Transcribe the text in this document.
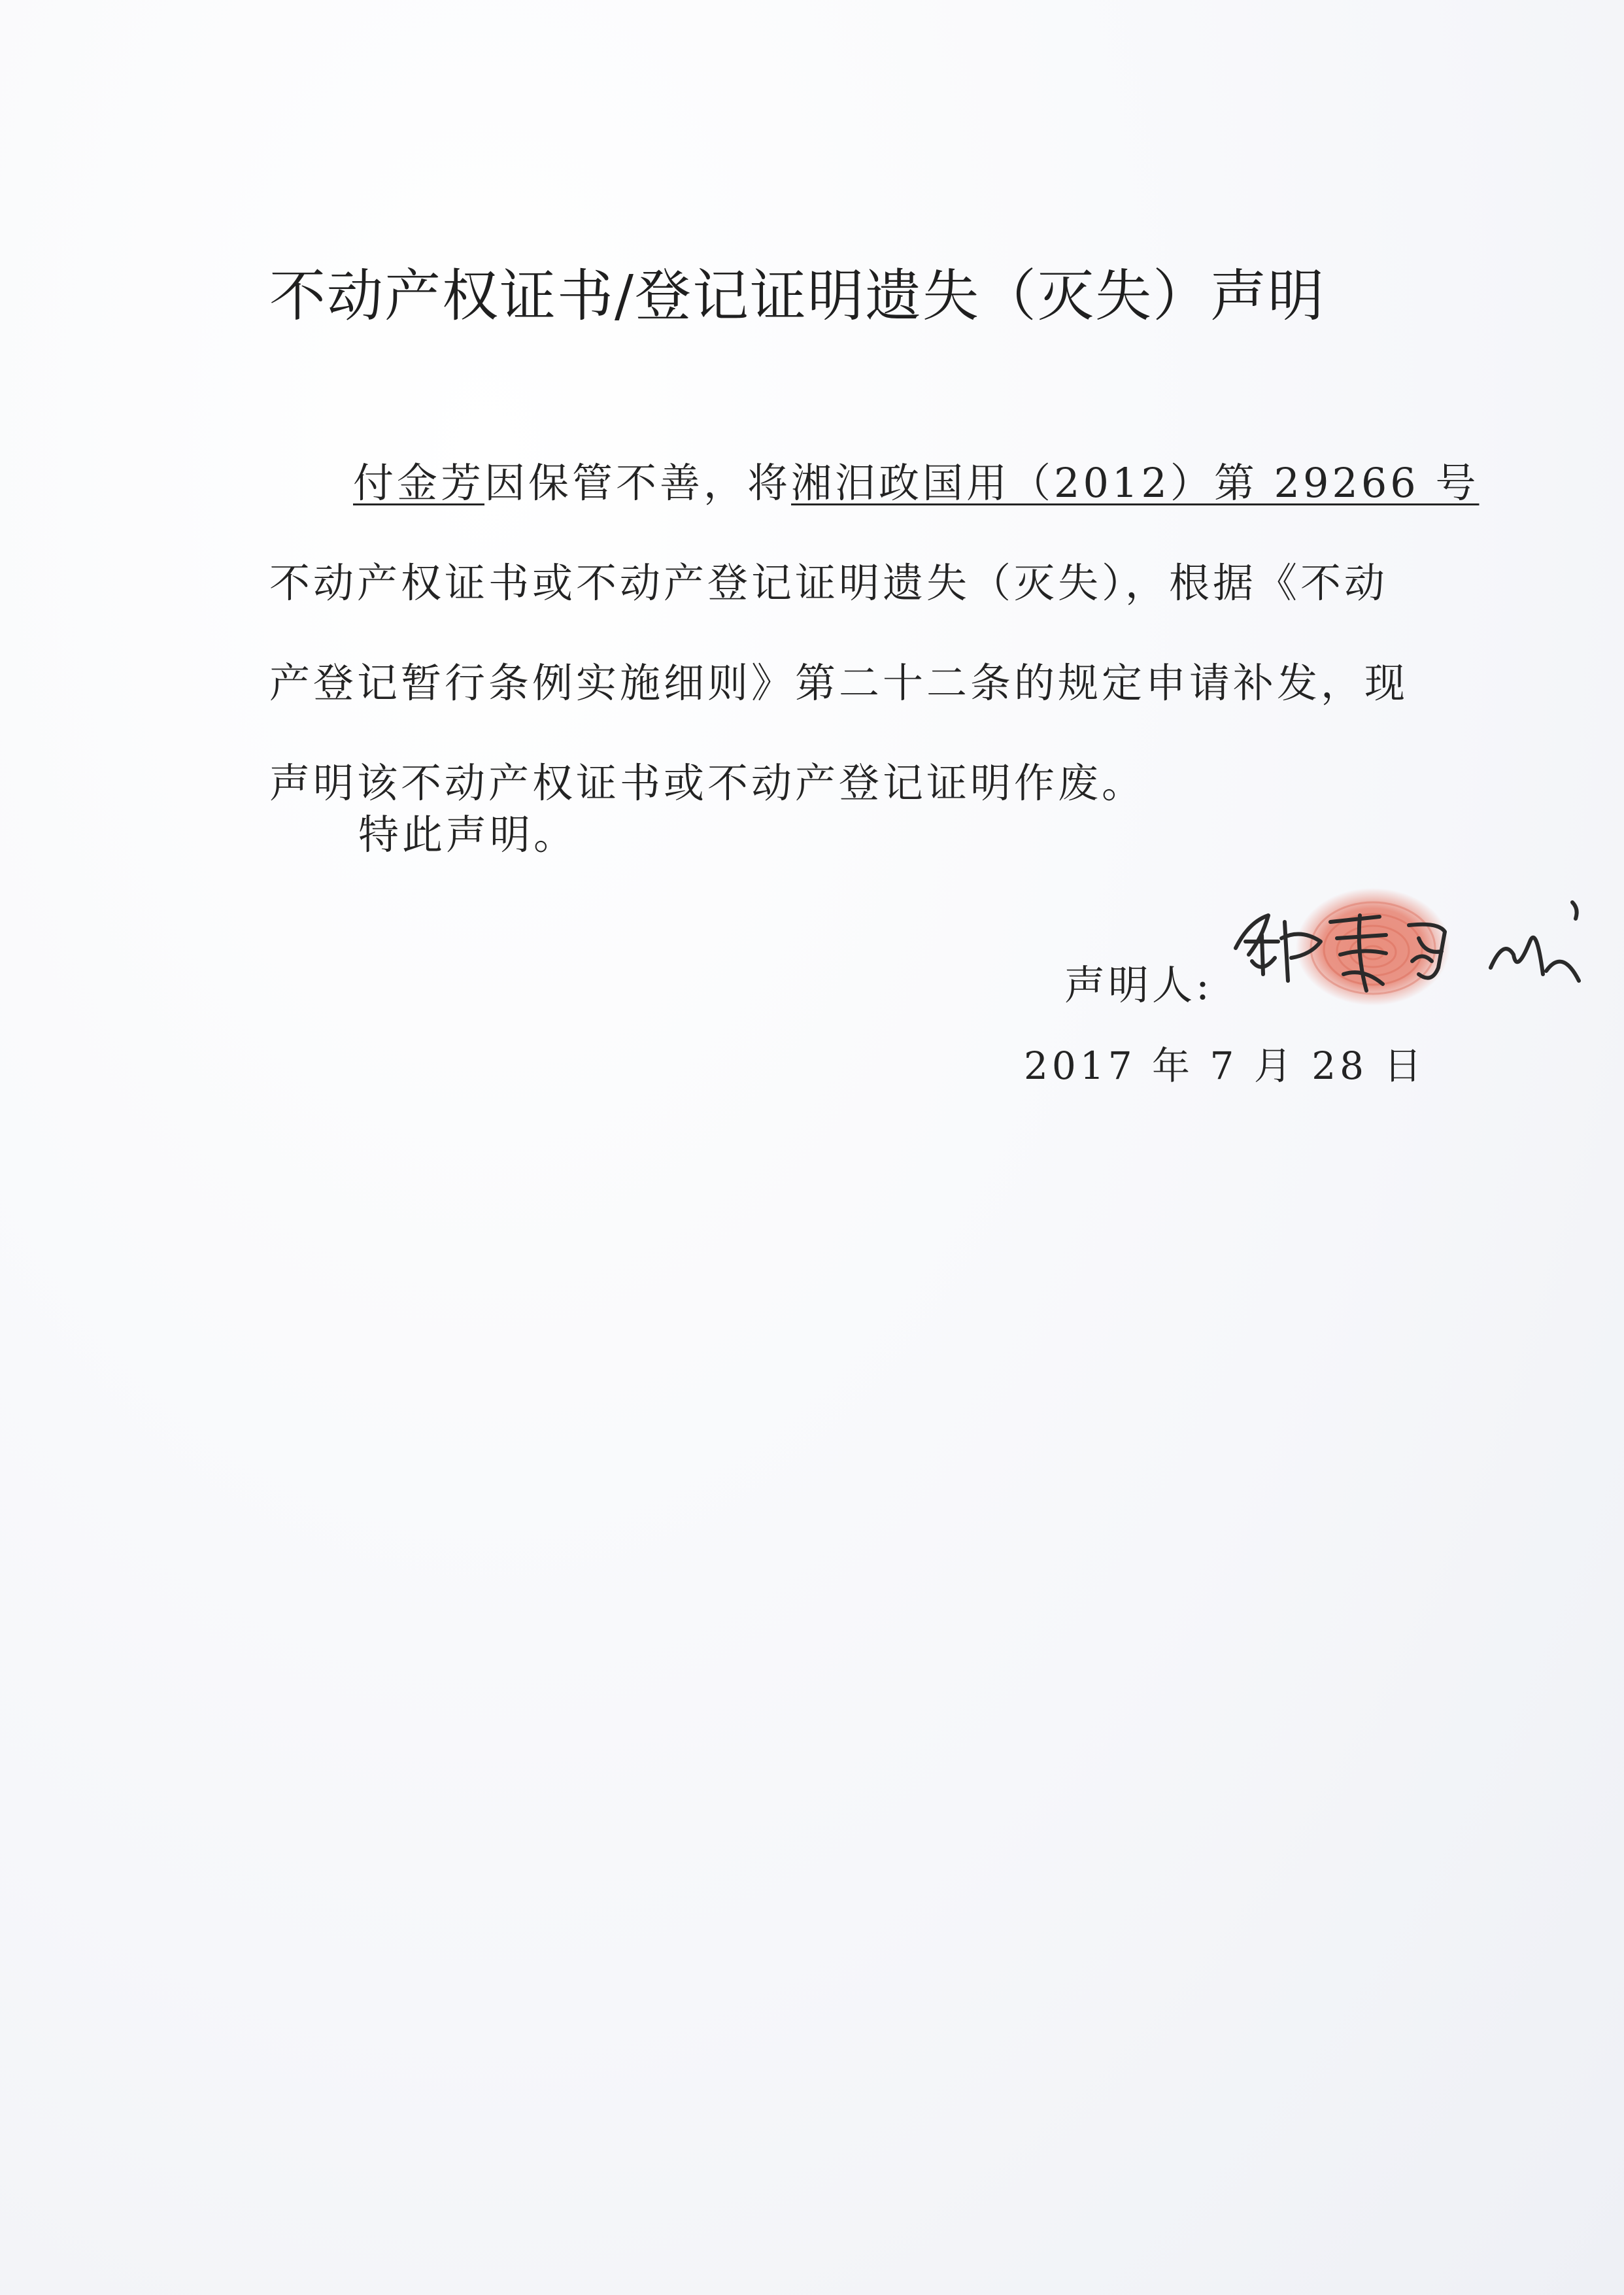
不动产权证书/登记证明遗失（灭失）声明
付金芳因保管不善，将湘汨政国用（2012）第 29266 号
不动产权证书或不动产登记证明遗失（灭失），根据《不动
产登记暂行条例实施细则》第二十二条的规定申请补发，现
声明该不动产权证书或不动产登记证明作废。
特此声明。
声明人:
2017 年 7 月 28 日
